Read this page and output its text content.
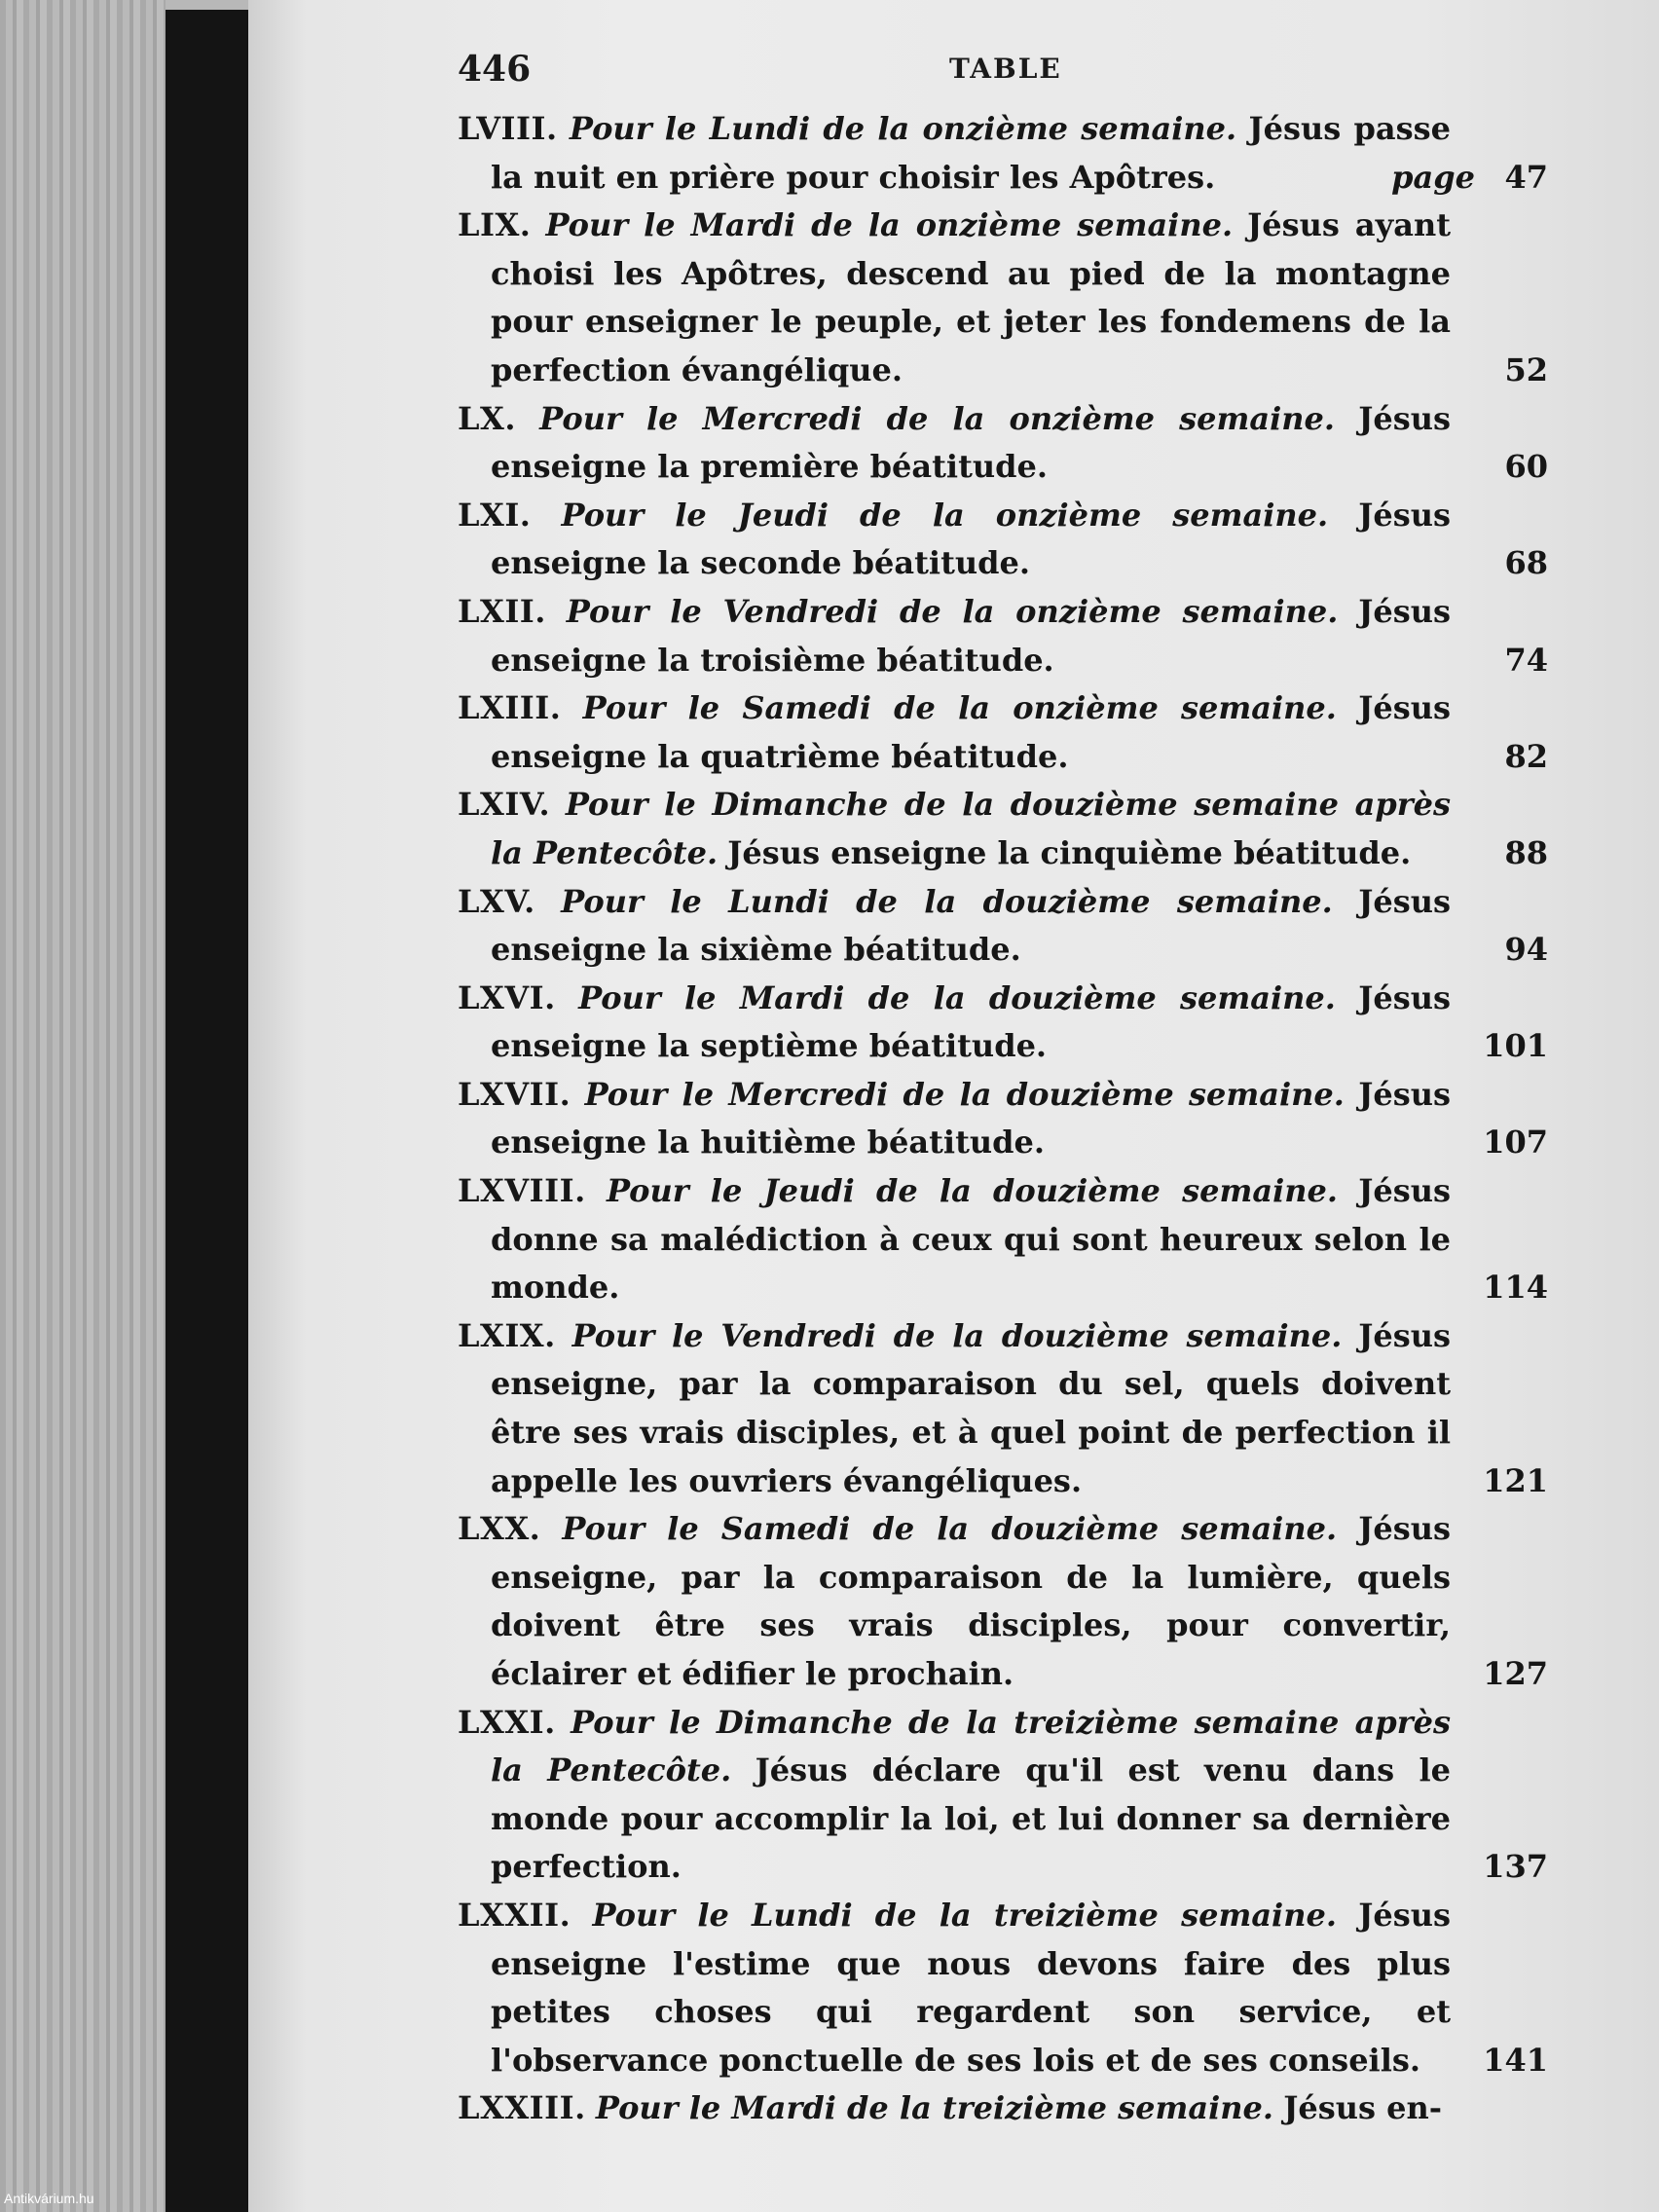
446	TABLE
LVIII. Pour le Lundi de la onzième semaine. Jésus passe la nuit en prière pour choisir les Apôtres.	page 47
LIX. Pour le Mardi de la onzième semaine. Jésus ayant choisi les Apôtres, descend au pied de la montagne pour enseigner le peuple, et jeter les fondemens de la perfection évangélique.	52
LX. Pour le Mercredi de la onzième semaine. Jésus enseigne la première béatitude.	60
LXI. Pour le Jeudi de la onzième semaine. Jésus enseigne la seconde béatitude.	68
LXII. Pour le Vendredi de la onzième semaine. Jésus enseigne la troisième béatitude.	74
LXIII. Pour le Samedi de la onzième semaine. Jésus enseigne la quatrième béatitude.	82
LXIV. Pour le Dimanche de la douzième semaine après la Pentecôte. Jésus enseigne la cinquième béatitude.	88
LXV. Pour le Lundi de la douzième semaine. Jésus enseigne la sixième béatitude.	94
LXVI. Pour le Mardi de la douzième semaine. Jésus enseigne la septième béatitude.	101
LXVII. Pour le Mercredi de la douzième semaine. Jésus enseigne la huitième béatitude.	107
LXVIII. Pour le Jeudi de la douzième semaine. Jésus donne sa malédiction à ceux qui sont heureux selon le monde.	114
LXIX. Pour le Vendredi de la douzième semaine. Jésus enseigne, par la comparaison du sel, quels doivent être ses vrais disciples, et à quel point de perfection il appelle les ouvriers évangéliques.	121
LXX. Pour le Samedi de la douzième semaine. Jésus enseigne, par la comparaison de la lumière, quels doivent être ses vrais disciples, pour convertir, éclairer et édifier le prochain.	127
LXXI. Pour le Dimanche de la treizième semaine après la Pentecôte. Jésus déclare qu'il est venu dans le monde pour accomplir la loi, et lui donner sa dernière perfection.	137
LXXII. Pour le Lundi de la treizième semaine. Jésus enseigne l'estime que nous devons faire des plus petites choses qui regardent son service, et l'observance ponctuelle de ses lois et de ses conseils. 141
LXXIII. Pour le Mardi de la treizième semaine. Jésus en-
Antikvárium.hu
